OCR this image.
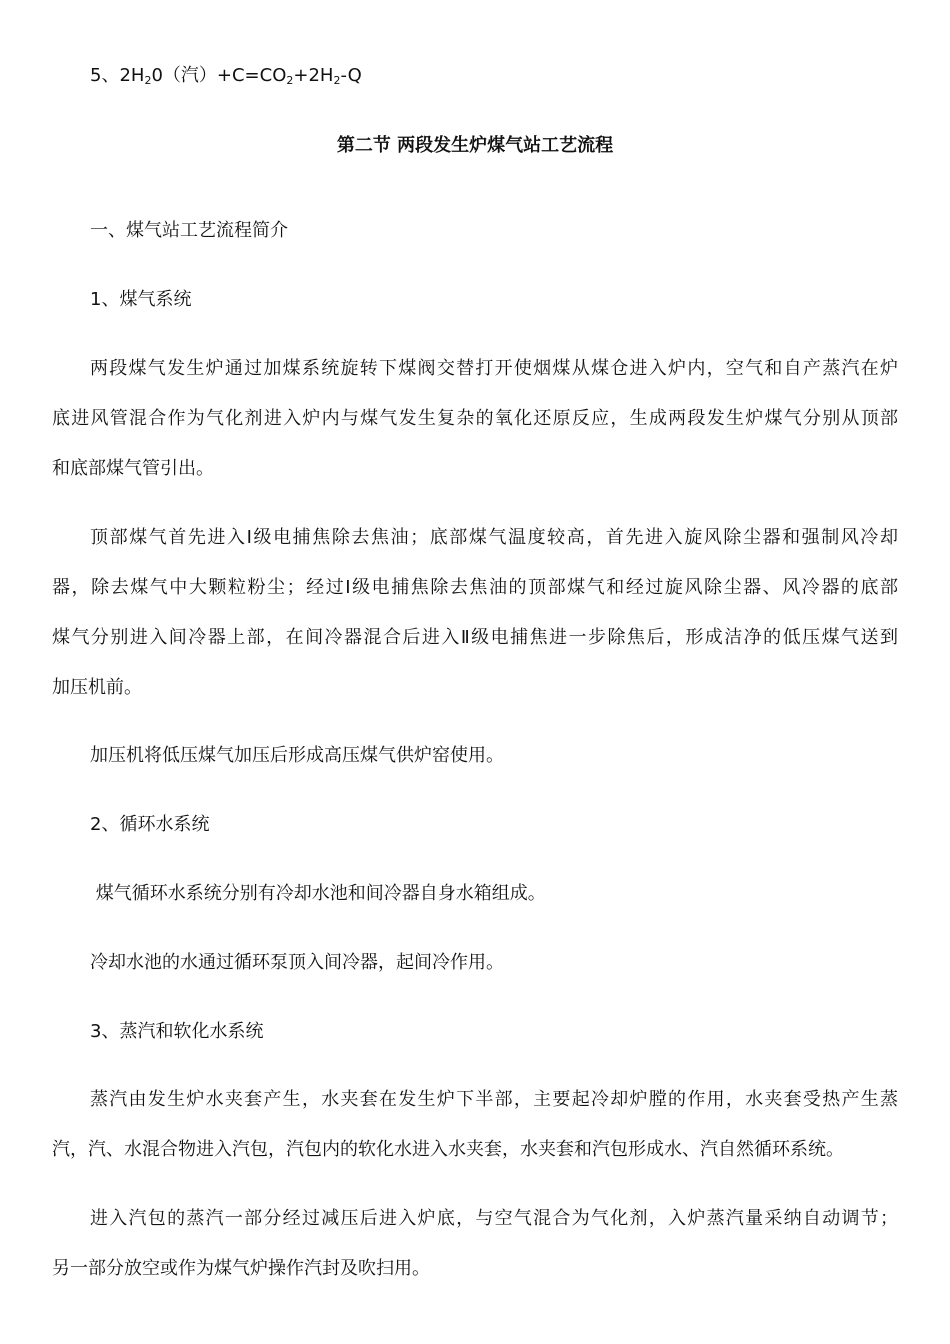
5、$2H_20$（汽）$+C=CO_2+2H_2-Q$
第二节 两段发生炉煤气站工艺流程
一、煤气站工艺流程简介
1、煤气系统
两段煤气发生炉通过加煤系统旋转下煤阀交替打开使烟煤从煤仓进入炉内，空气和自产蒸汽在炉
底进风管混合作为气化剂进入炉内与煤气发生复杂的氧化还原反应，生成两段发生炉煤气分别从顶部
和底部煤气管引出。
顶部煤气首先进入Ⅰ级电捕焦除去焦油；底部煤气温度较高，首先进入旋风除尘器和强制风冷却
器，除去煤气中大颗粒粉尘；经过Ⅰ级电捕焦除去焦油的顶部煤气和经过旋风除尘器、风冷器的底部
煤气分别进入间冷器上部，在间冷器混合后进入Ⅱ级电捕焦进一步除焦后，形成洁净的低压煤气送到
加压机前。
加压机将低压煤气加压后形成高压煤气供炉窑使用。
2、循环水系统
煤气循环水系统分别有冷却水池和间冷器自身水箱组成。
冷却水池的水通过循环泵顶入间冷器，起间冷作用。
3、蒸汽和软化水系统
蒸汽由发生炉水夹套产生，水夹套在发生炉下半部，主要起冷却炉膛的作用，水夹套受热产生蒸
汽，汽、水混合物进入汽包，汽包内的软化水进入水夹套，水夹套和汽包形成水、汽自然循环系统。
进入汽包的蒸汽一部分经过减压后进入炉底，与空气混合为气化剂，入炉蒸汽量采纳自动调节；
另一部分放空或作为煤气炉操作汽封及吹扫用。
